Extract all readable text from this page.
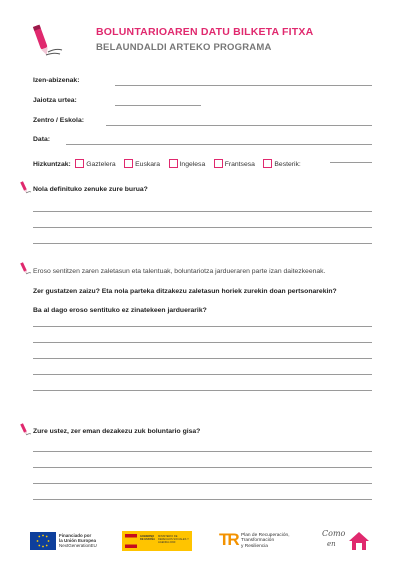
BOLUNTARIOAREN DATU BILKETA FITXA
BELAUNDALDI ARTEKO PROGRAMA
Izen-abizenak:
Jaiotza urtea:
Zentro / Eskola:
Data:
Hizkuntzak: Gaztelera	Euskara	Ingelesa	Frantsesa	Besterik:
Nola definituko zenuke zure burua?
Eroso sentitzen zaren zaletasun eta talentuak, boluntariotza jardueraren parte izan daitezkeenak.
Zer gustatzen zaizu? Eta nola parteka ditzakezu zaletasun horiek zurekin doan pertsonarekin?
Ba al dago eroso sentituko ez zinatekeen jarduerarik?
Zure ustez, zer eman dezakezu zuk boluntario gisa?
Financiado por
la Unión Europea
NextGenerationEU
GOBIERNO DE ESPAÑA
MINISTERIO DE DERECHOS SOCIALES Y AGENDA 2030	TR Plan de Recuperación,
Transformación
y Resiliencia
Como
en
